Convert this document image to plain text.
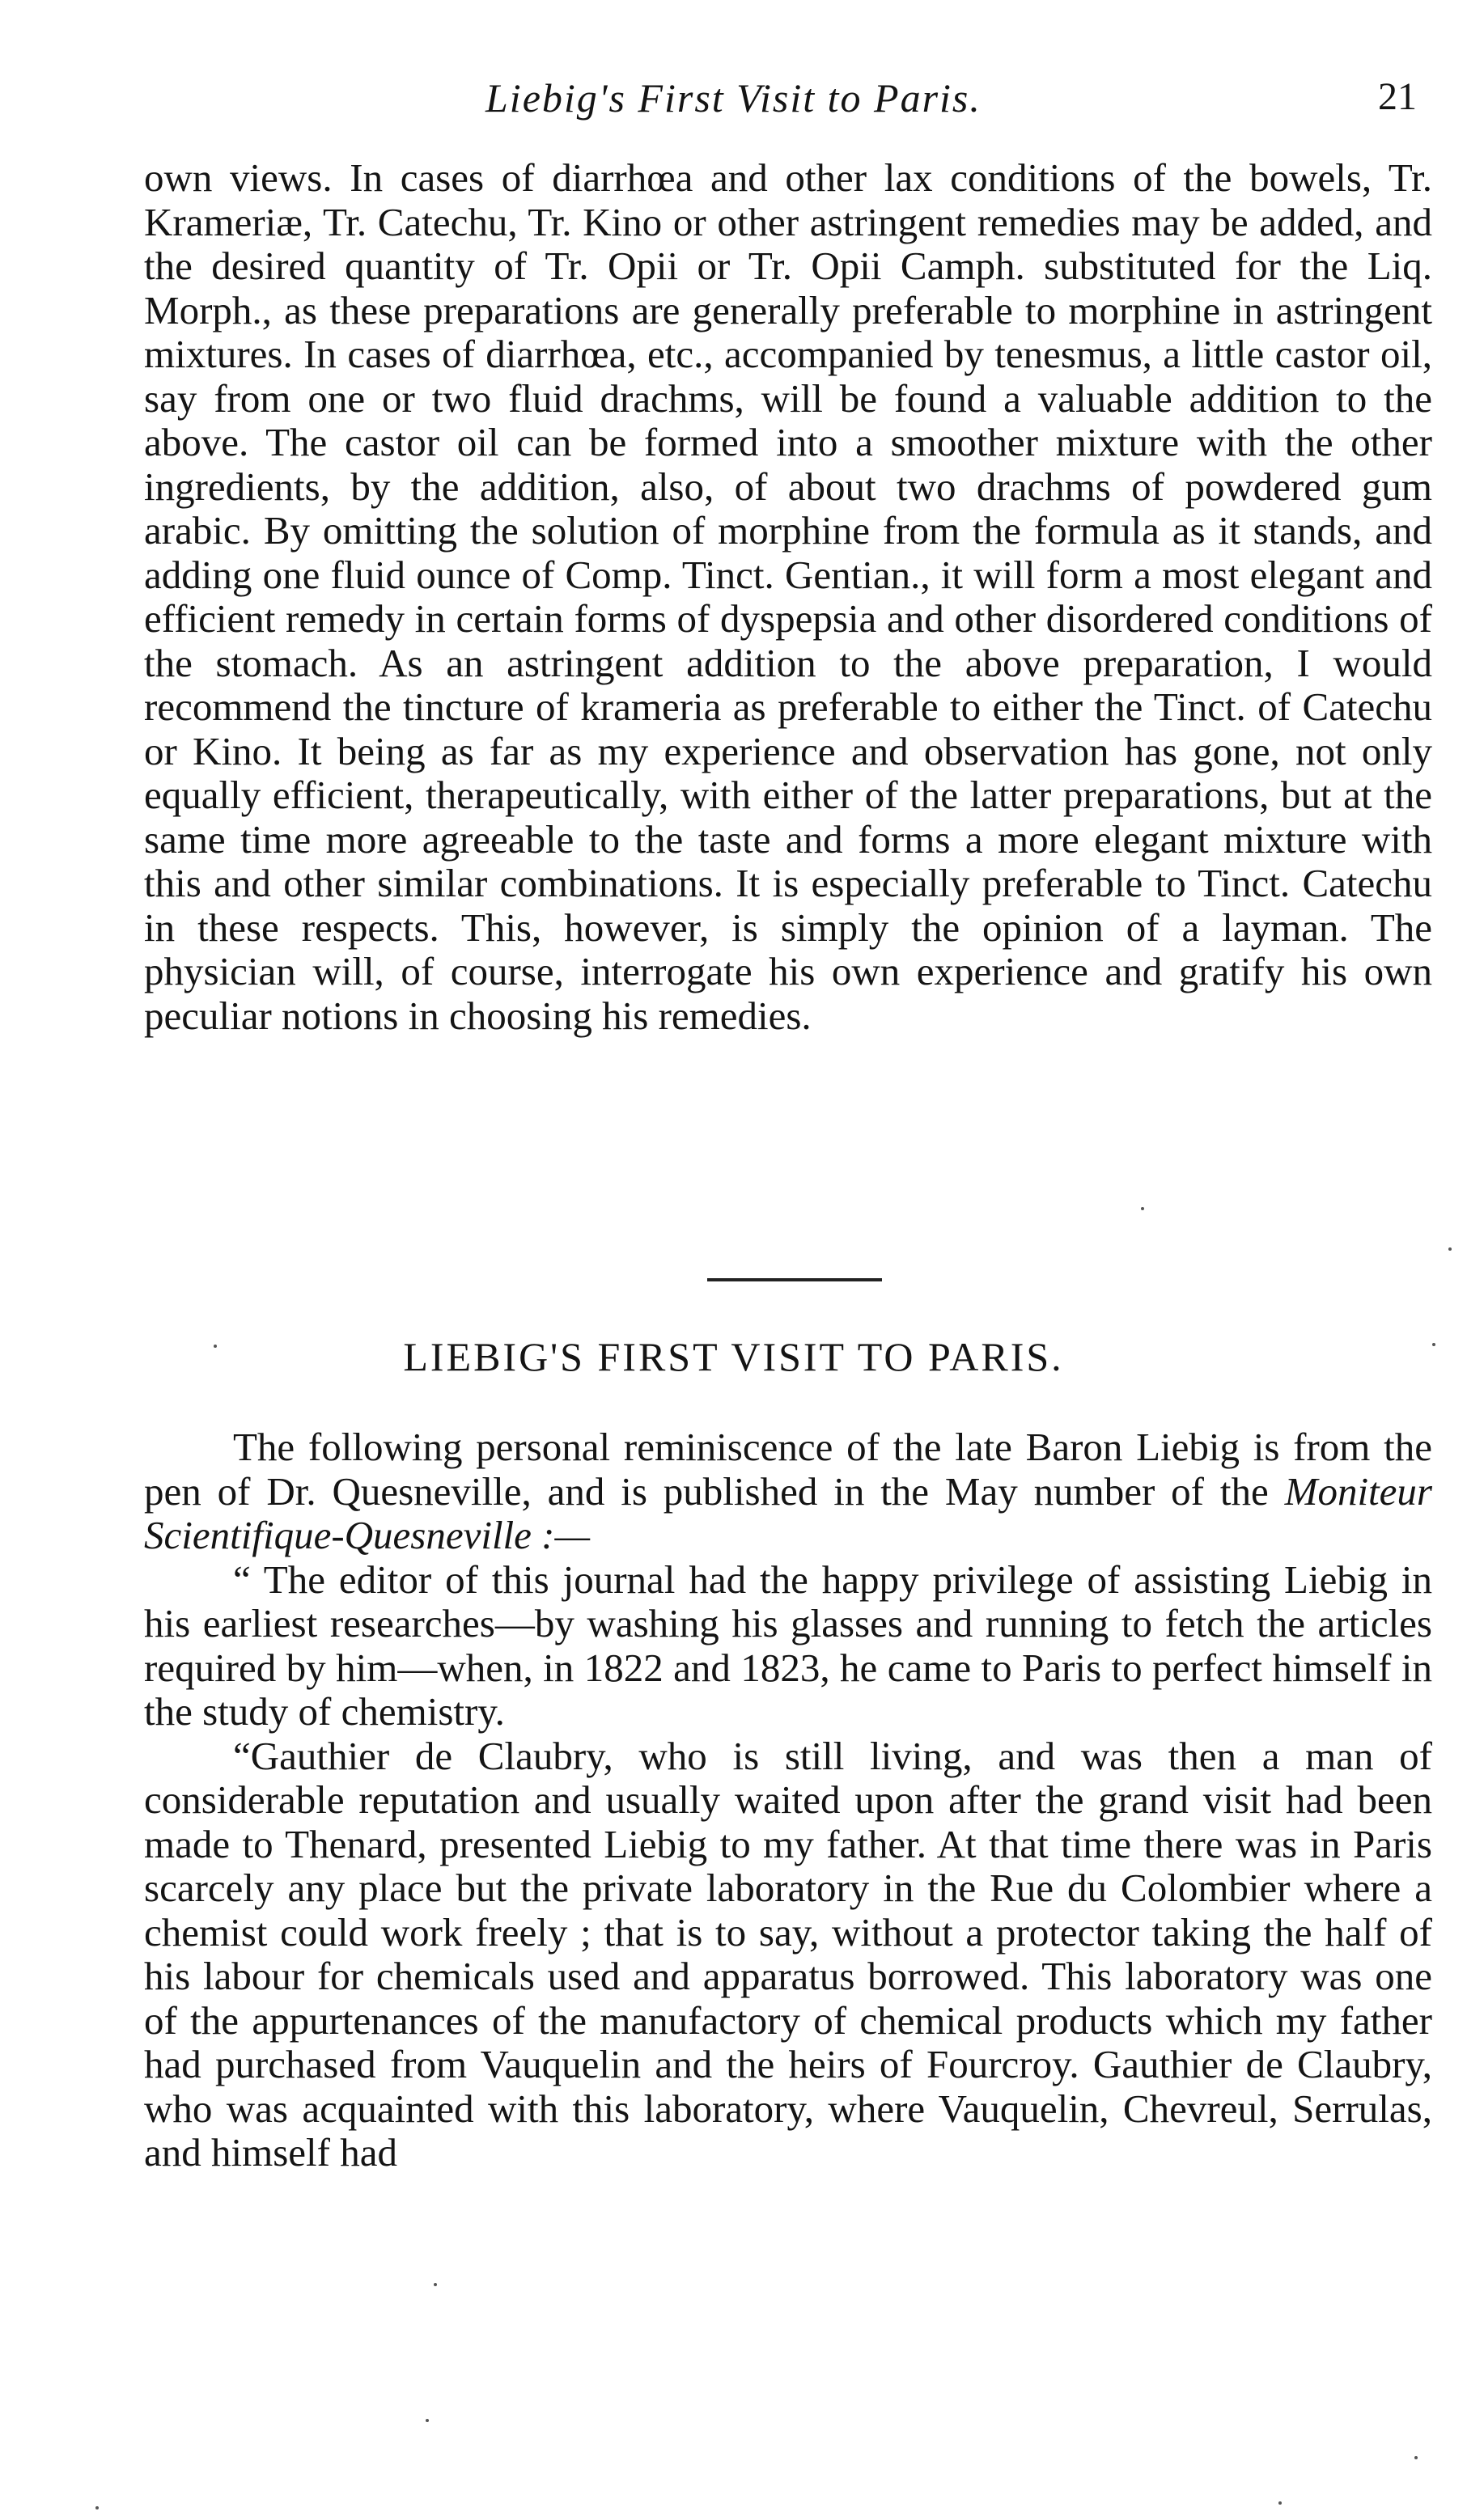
Liebig's First Visit to Paris.	21

own views. In cases of diarrhœa and other lax conditions of the bowels, Tr. Krameriæ, Tr. Catechu, Tr. Kino or other astringent remedies may be added, and the desired quantity of Tr. Opii or Tr. Opii Camph. substituted for the Liq. Morph., as these preparations are generally preferable to morphine in astringent mixtures. In cases of diarrhœa, etc., accompanied by tenesmus, a little castor oil, say from one or two fluid drachms, will be found a valuable addition to the above. The castor oil can be formed into a smoother mixture with the other ingredients, by the addition, also, of about two drachms of powdered gum arabic. By omitting the solution of morphine from the formula as it stands, and adding one fluid ounce of Comp. Tinct. Gentian., it will form a most elegant and efficient remedy in certain forms of dyspepsia and other disordered conditions of the stomach. As an astringent addition to the above preparation, I would recommend the tincture of krameria as preferable to either the Tinct. of Catechu or Kino. It being as far as my experience and observation has gone, not only equally efficient, therapeutically, with either of the latter preparations, but at the same time more agreeable to the taste and forms a more elegant mixture with this and other similar combinations. It is especially preferable to Tinct. Catechu in these respects. This, however, is simply the opinion of a layman. The physician will, of course, interrogate his own experience and gratify his own peculiar notions in choosing his remedies.

LIEBIG'S FIRST VISIT TO PARIS.

The following personal reminiscence of the late Baron Liebig is from the pen of Dr. Quesneville, and is published in the May number of the Moniteur Scientifique-Quesneville :—

“ The editor of this journal had the happy privilege of assisting Liebig in his earliest researches—by washing his glasses and running to fetch the articles required by him—when, in 1822 and 1823, he came to Paris to perfect himself in the study of chemistry.

“Gauthier de Claubry, who is still living, and was then a man of considerable reputation and usually waited upon after the grand visit had been made to Thenard, presented Liebig to my father. At that time there was in Paris scarcely any place but the private laboratory in the Rue du Colombier where a chemist could work freely ; that is to say, without a protector taking the half of his labour for chemicals used and apparatus borrowed. This laboratory was one of the appurtenances of the manufactory of chemical products which my father had purchased from Vauquelin and the heirs of Fourcroy. Gauthier de Claubry, who was acquainted with this laboratory, where Vauquelin, Chevreul, Serrulas, and himself had
